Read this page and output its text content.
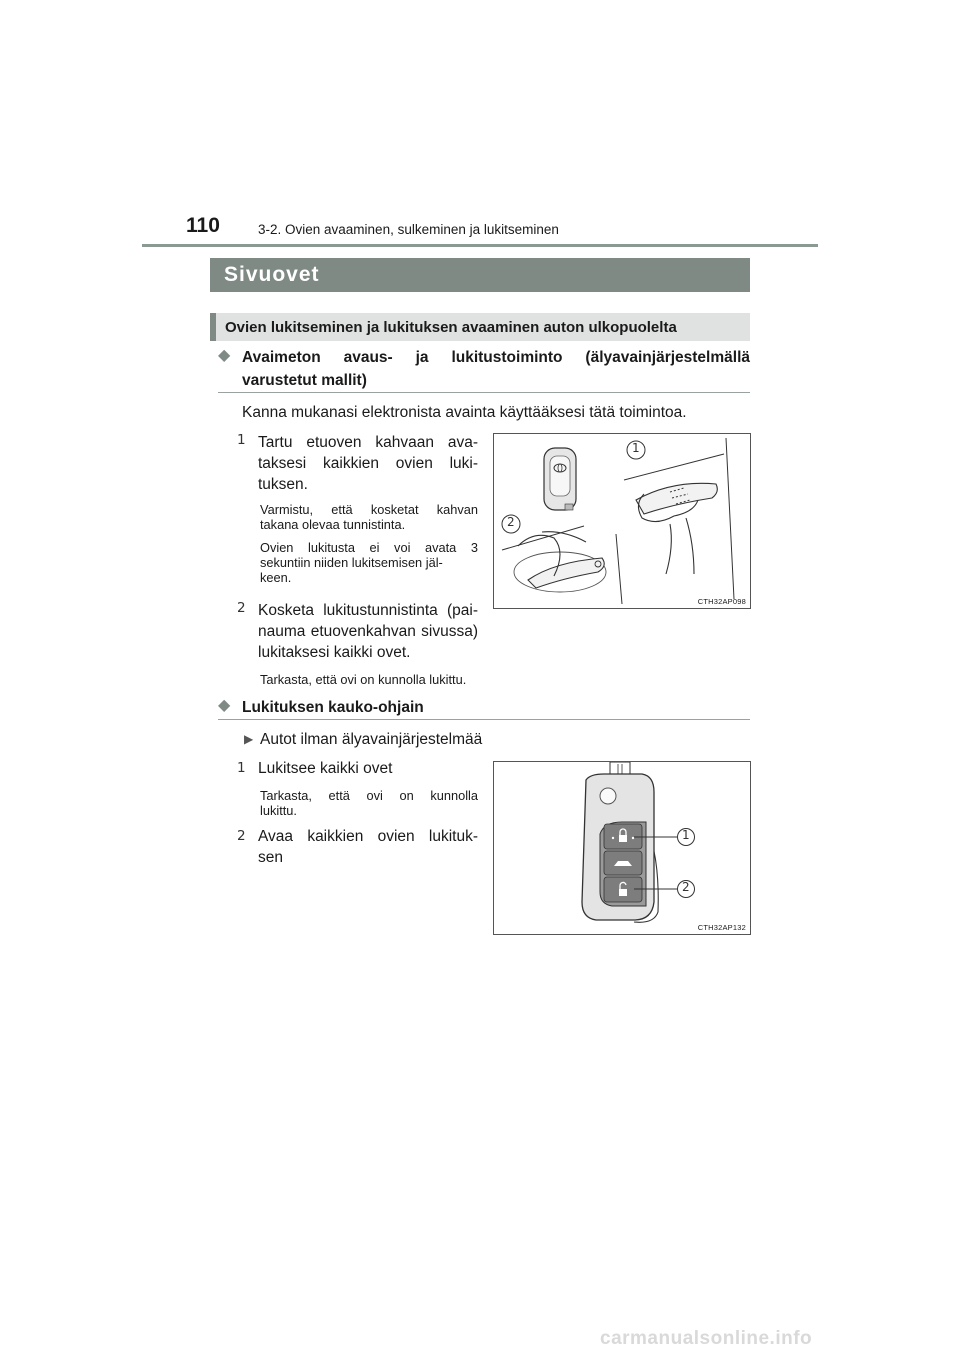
110	3-2. Ovien avaaminen, sulkeminen ja lukitseminen
Sivuovet
Ovien lukitseminen ja lukituksen avaaminen auton ulkopuolelta
◆ Avaimeton avaus- ja lukitustoiminto (älyavainjärjestelmällä
varustetut mallit)
Kanna mukanasi elektronista avainta käyttääksesi tätä toimintoa.
1 Tartu etuoven kahvaan ava-
taksesi kaikkien ovien luki-
tuksen.
Varmistu, että kosketat kahvan
takana olevaa tunnistinta.
Ovien lukitusta ei voi avata 3
sekuntiin niiden lukitsemisen jäl-
keen.
2 Kosketa lukitustunnistinta (pai-
nauma etuovenkahvan sivussa)
lukitaksesi kaikki ovet.
Tarkasta, että ovi on kunnolla lukittu.
1
2
CTH32AP098
◆ Lukituksen kauko-ohjain
▶ Autot ilman älyavainjärjestelmää
1 Lukitsee kaikki ovet
Tarkasta, että ovi on kunnolla
lukittu.
2 Avaa kaikkien ovien lukituk-
sen
1
2
CTH32AP132
carmanualsonline.info
